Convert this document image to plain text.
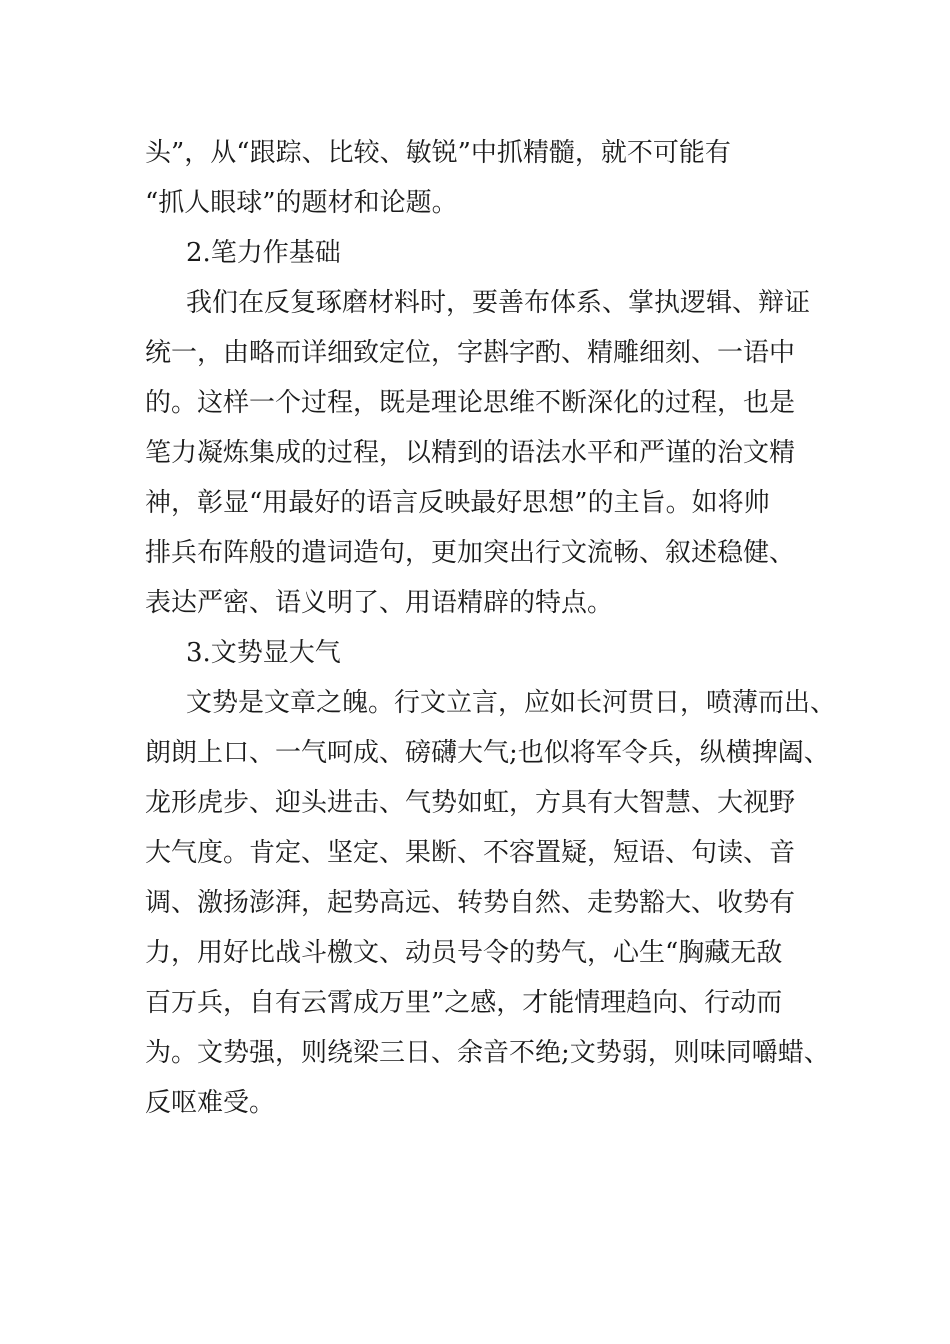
头”，从“跟踪、比较、敏锐”中抓精髓，就不可能有
“抓人眼球”的题材和论题。
2.笔力作基础
我们在反复琢磨材料时，要善布体系、掌执逻辑、辩证
统一，由略而详细致定位，字斟字酌、精雕细刻、一语中
的。这样一个过程，既是理论思维不断深化的过程，也是
笔力凝炼集成的过程，以精到的语法水平和严谨的治文精
神，彰显“用最好的语言反映最好思想”的主旨。如将帅
排兵布阵般的遣词造句，更加突出行文流畅、叙述稳健、
表达严密、语义明了、用语精辟的特点。
3.文势显大气
文势是文章之魄。行文立言，应如长河贯日，喷薄而出、
朗朗上口、一气呵成、磅礴大气;也似将军令兵，纵横捭阖、
龙形虎步、迎头进击、气势如虹，方具有大智慧、大视野
大气度。肯定、坚定、果断、不容置疑，短语、句读、音
调、激扬澎湃，起势高远、转势自然、走势豁大、收势有
力，用好比战斗檄文、动员号令的势气，心生“胸藏无敌
百万兵，自有云霄成万里”之感，才能情理趋向、行动而
为。文势强，则绕梁三日、余音不绝;文势弱，则味同嚼蜡、
反呕难受。
